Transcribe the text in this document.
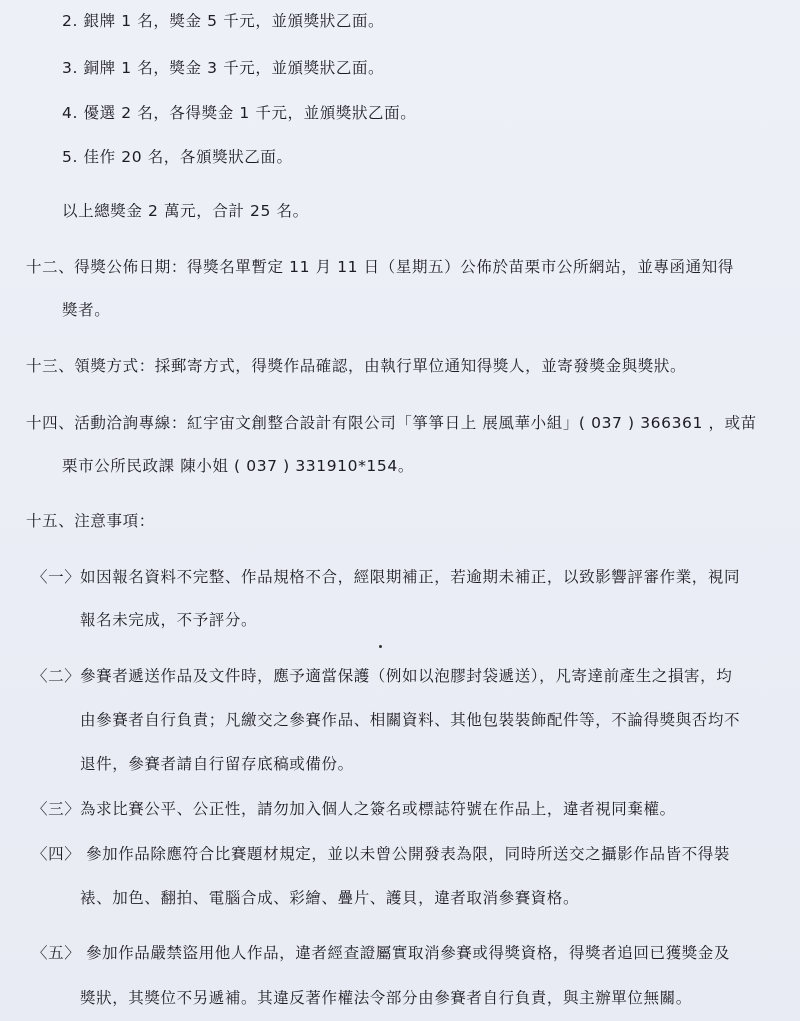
2. 銀牌 1 名，獎金 5 千元，並頒獎狀乙面。
3. 銅牌 1 名，獎金 3 千元，並頒獎狀乙面。
4. 優選 2 名，各得獎金 1 千元，並頒獎狀乙面。
5. 佳作 20 名，各頒獎狀乙面。
以上總獎金 2 萬元，合計 25 名。
十二、得獎公佈日期：得獎名單暫定 11 月 11 日（星期五）公佈於苗栗市公所網站，並專函通知得
獎者。
十三、領獎方式：採郵寄方式，得獎作品確認，由執行單位通知得獎人，並寄發獎金與獎狀。
十四、活動洽詢專線：紅宇宙文創整合設計有限公司「箏箏日上 展風華小組」( 037 ) 366361 ，或苗
栗市公所民政課 陳小姐 ( 037 ) 331910*154。
十五、注意事項：
〈一〉 如因報名資料不完整、作品規格不合，經限期補正，若逾期未補正，以致影響評審作業，視同
報名未完成，不予評分。
〈二〉 參賽者遞送作品及文件時，應予適當保護（例如以泡膠封袋遞送），凡寄達前產生之損害，均
由參賽者自行負責；凡繳交之參賽作品、相關資料、其他包裝裝飾配件等，不論得獎與否均不
退件，參賽者請自行留存底稿或備份。
〈三〉 為求比賽公平、公正性，請勿加入個人之簽名或標誌符號在作品上，違者視同棄權。
〈四〉 參加作品除應符合比賽題材規定，並以未曾公開發表為限，同時所送交之攝影作品皆不得裝
裱、加色、翻拍、電腦合成、彩繪、疊片、護貝，違者取消參賽資格。
〈五〉 參加作品嚴禁盜用他人作品，違者經查證屬實取消參賽或得獎資格，得獎者追回已獲獎金及
獎狀，其獎位不另遞補。其違反著作權法令部分由參賽者自行負責，與主辦單位無關。
